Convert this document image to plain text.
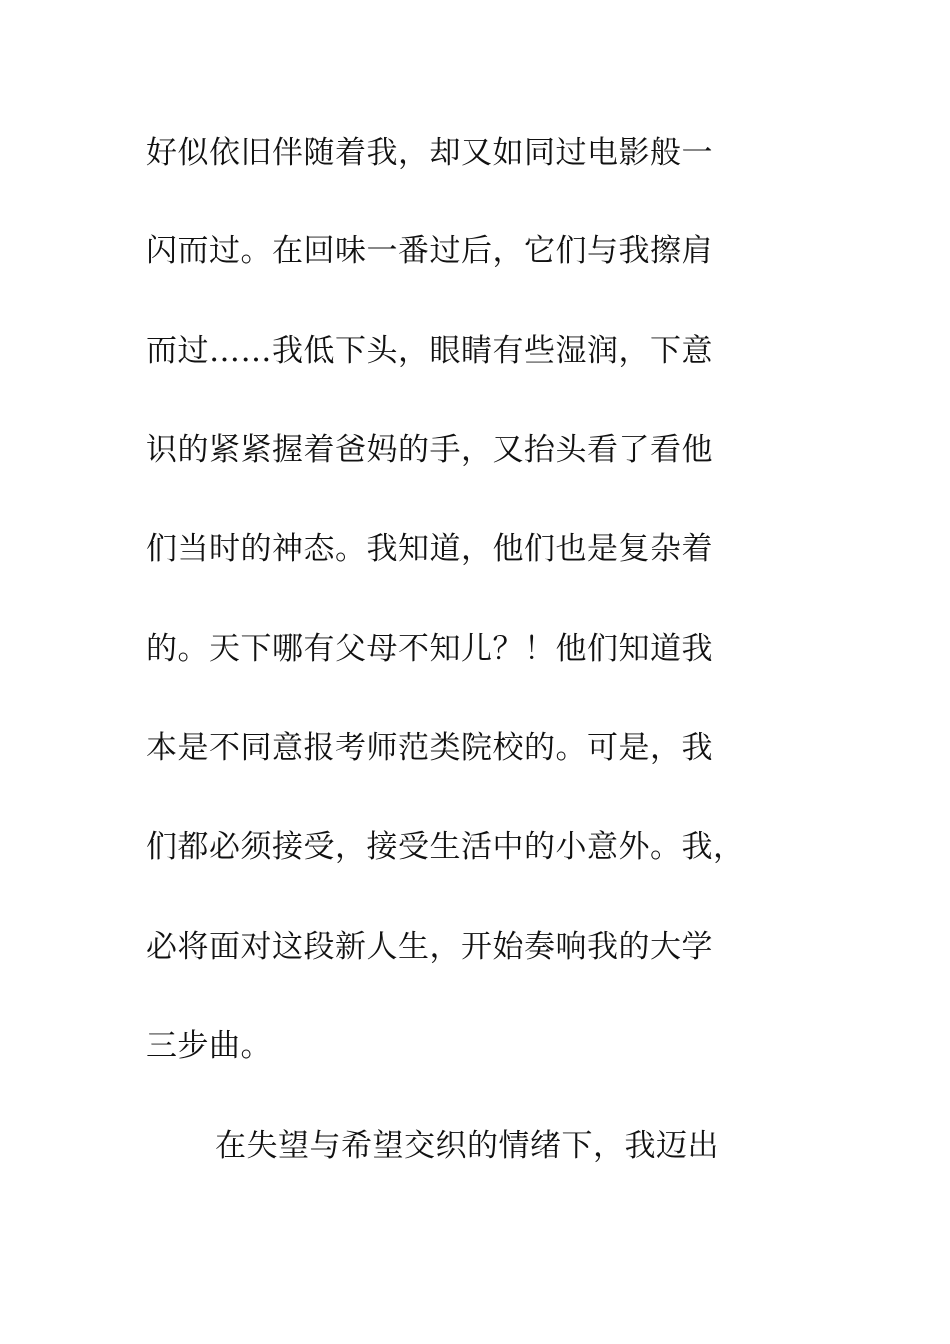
好似依旧伴随着我，却又如同过电影般一
闪而过。在回味一番过后，它们与我擦肩
而过……我低下头，眼睛有些湿润，下意
识的紧紧握着爸妈的手，又抬头看了看他
们当时的神态。我知道，他们也是复杂着
的。天下哪有父母不知儿？！他们知道我
本是不同意报考师范类院校的。可是，我
们都必须接受，接受生活中的小意外。我，
必将面对这段新人生，开始奏响我的大学
三步曲。
在失望与希望交织的情绪下，我迈出
